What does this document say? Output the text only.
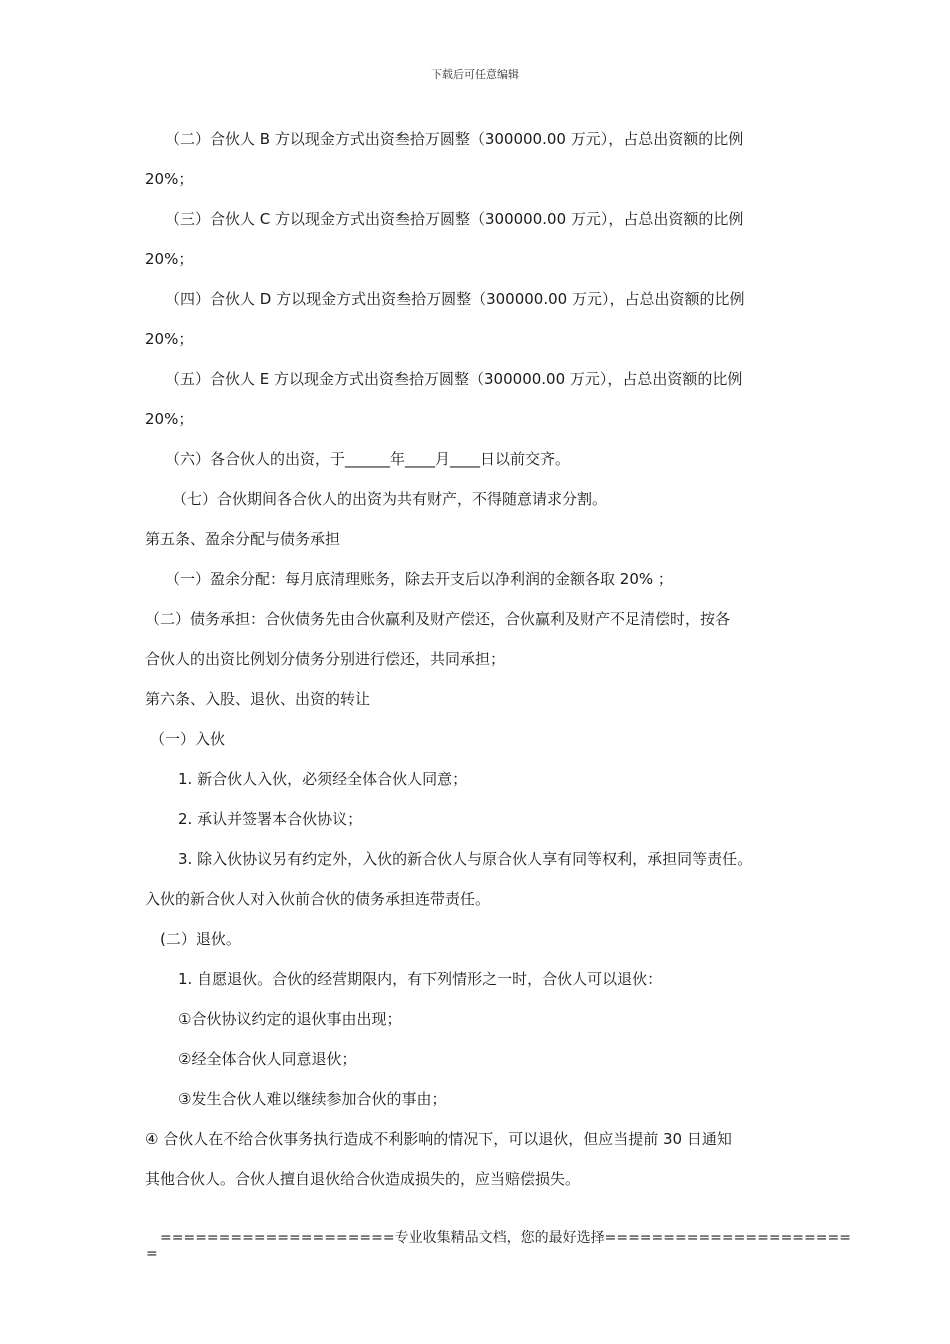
下载后可任意编辑
（二）合伙人 B 方以现金方式出资叁拾万圆整（300000.00 万元），占总出资额的比例
20%；
（三）合伙人 C 方以现金方式出资叁拾万圆整（300000.00 万元），占总出资额的比例
20%；
（四）合伙人 D 方以现金方式出资叁拾万圆整（300000.00 万元），占总出资额的比例
20%；
（五）合伙人 E 方以现金方式出资叁拾万圆整（300000.00 万元），占总出资额的比例
20%；
（六）各合伙人的出资，于______年____月____日以前交齐。
（七）合伙期间各合伙人的出资为共有财产，不得随意请求分割。
第五条、盈余分配与债务承担
（一）盈余分配：每月底清理账务，除去开支后以净利润的金额各取 20% ；
（二）债务承担：合伙债务先由合伙赢利及财产偿还，合伙赢利及财产不足清偿时，按各
合伙人的出资比例划分债务分别进行偿还，共同承担；
第六条、入股、退伙、出资的转让
（一）入伙
1. 新合伙人入伙，必须经全体合伙人同意；
2. 承认并签署本合伙协议；
3. 除入伙协议另有约定外，入伙的新合伙人与原合伙人享有同等权利，承担同等责任。
入伙的新合伙人对入伙前合伙的债务承担连带责任。
(二）退伙。
1. 自愿退伙。合伙的经营期限内，有下列情形之一时，合伙人可以退伙：
①合伙协议约定的退伙事由出现；
②经全体合伙人同意退伙；
③发生合伙人难以继续参加合伙的事由；
④ 合伙人在不给合伙事务执行造成不利影响的情况下，可以退伙，但应当提前 30 日通知
其他合伙人。合伙人擅自退伙给合伙造成损失的，应当赔偿损失。
====================专业收集精品文档，您的最好选择=====================
=
